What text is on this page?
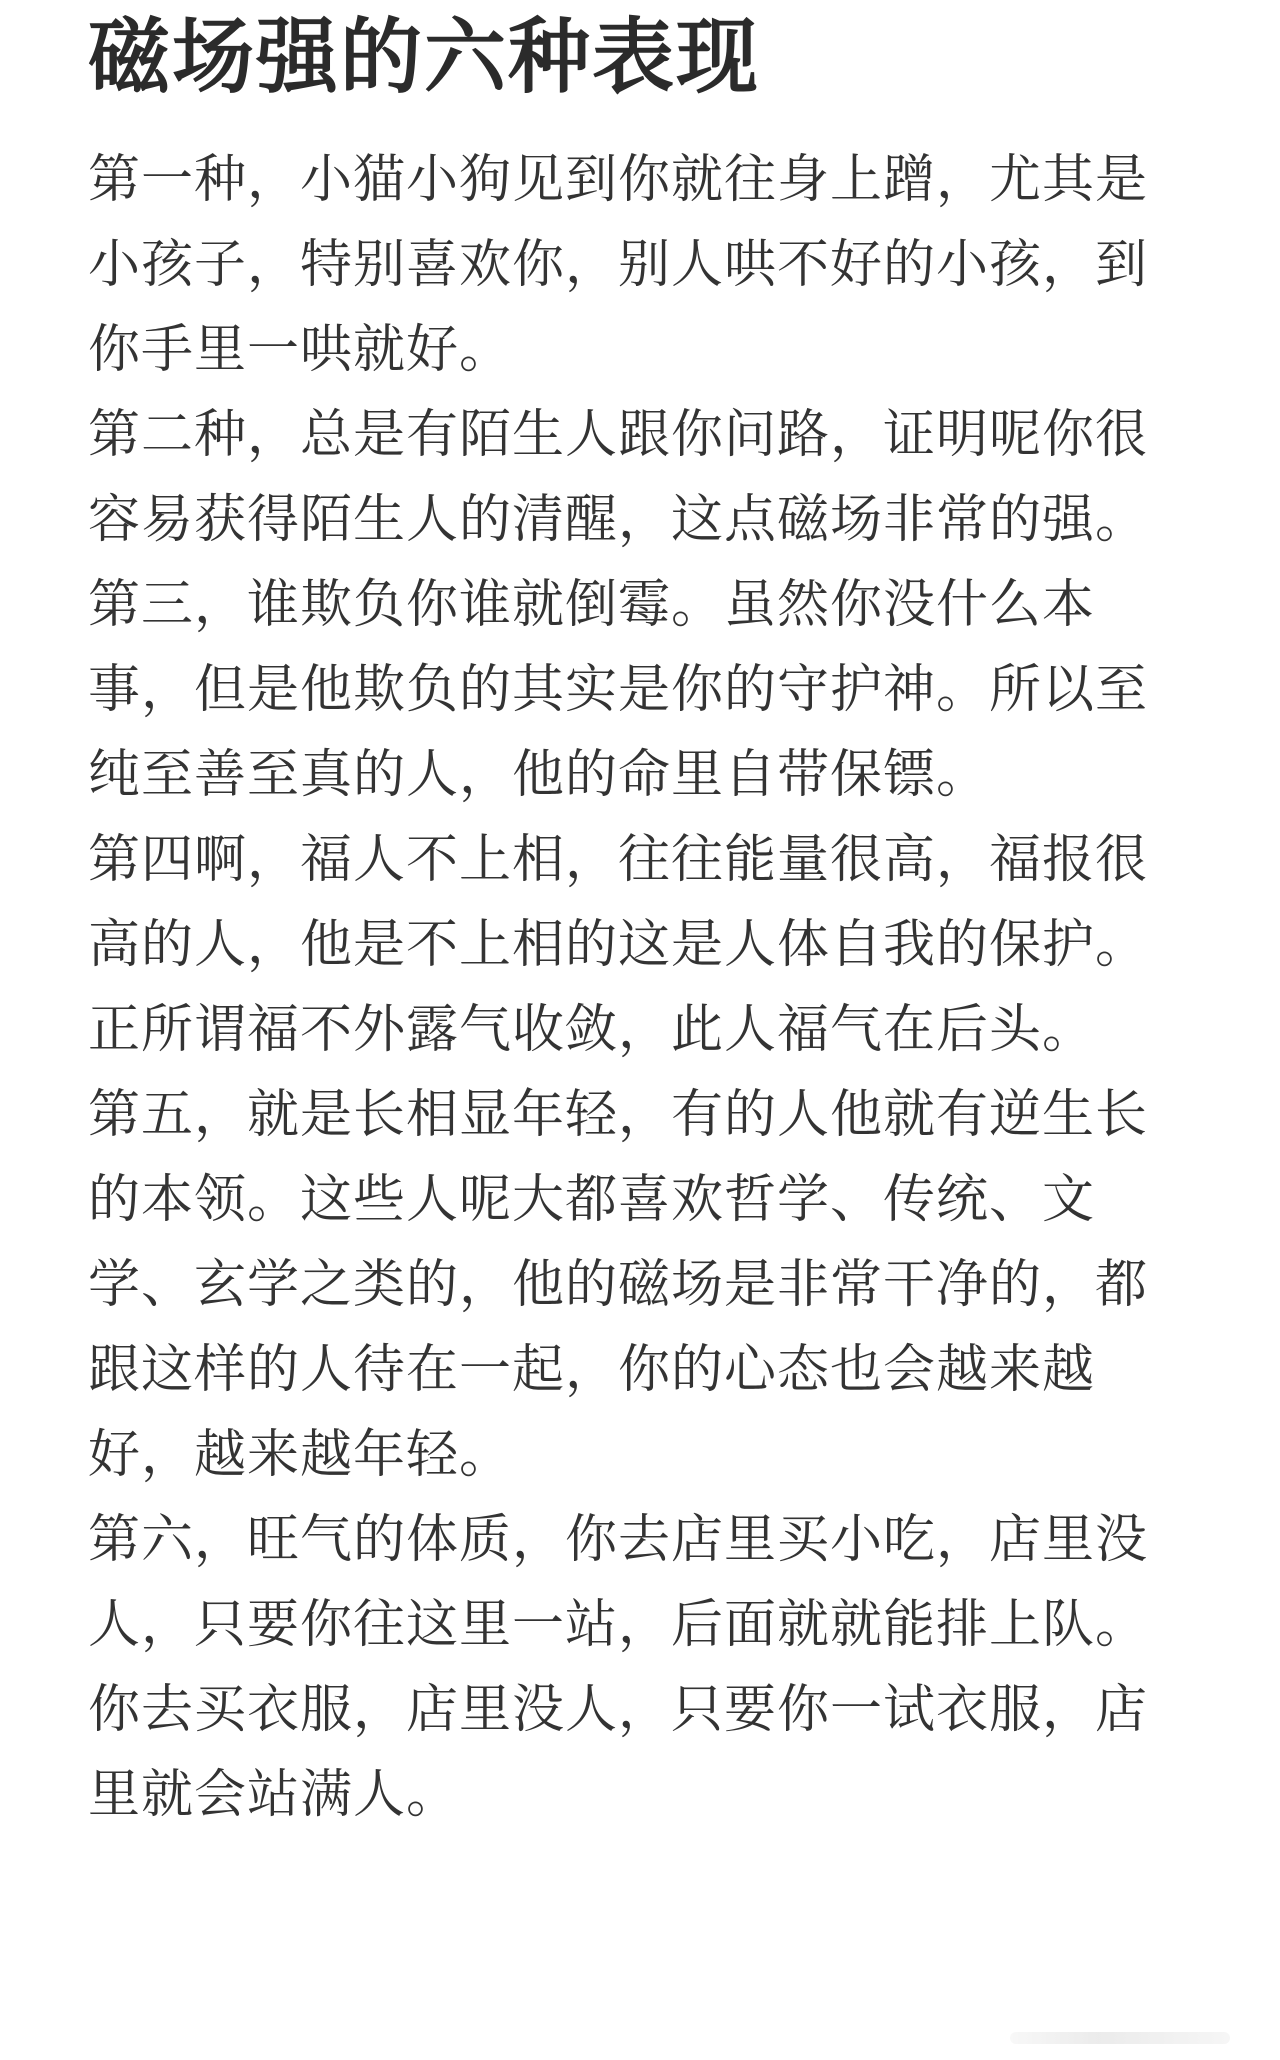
磁场强的六种表现

第一种，小猫小狗见到你就往身上蹭，尤其是小孩子，特别喜欢你，别人哄不好的小孩，到你手里一哄就好。

第二种，总是有陌生人跟你问路，证明呢你很容易获得陌生人的清醒，这点磁场非常的强。

第三，谁欺负你谁就倒霉。虽然你没什么本事，但是他欺负的其实是你的守护神。所以至纯至善至真的人，他的命里自带保镖。

第四啊，福人不上相，往往能量很高，福报很高的人，他是不上相的这是人体自我的保护。正所谓福不外露气收敛，此人福气在后头。

第五，就是长相显年轻，有的人他就有逆生长的本领。这些人呢大都喜欢哲学、传统、文学、玄学之类的，他的磁场是非常干净的，都跟这样的人待在一起，你的心态也会越来越好，越来越年轻。

第六，旺气的体质，你去店里买小吃，店里没人，只要你往这里一站，后面就就能排上队。你去买衣服，店里没人，只要你一试衣服，店里就会站满人。
